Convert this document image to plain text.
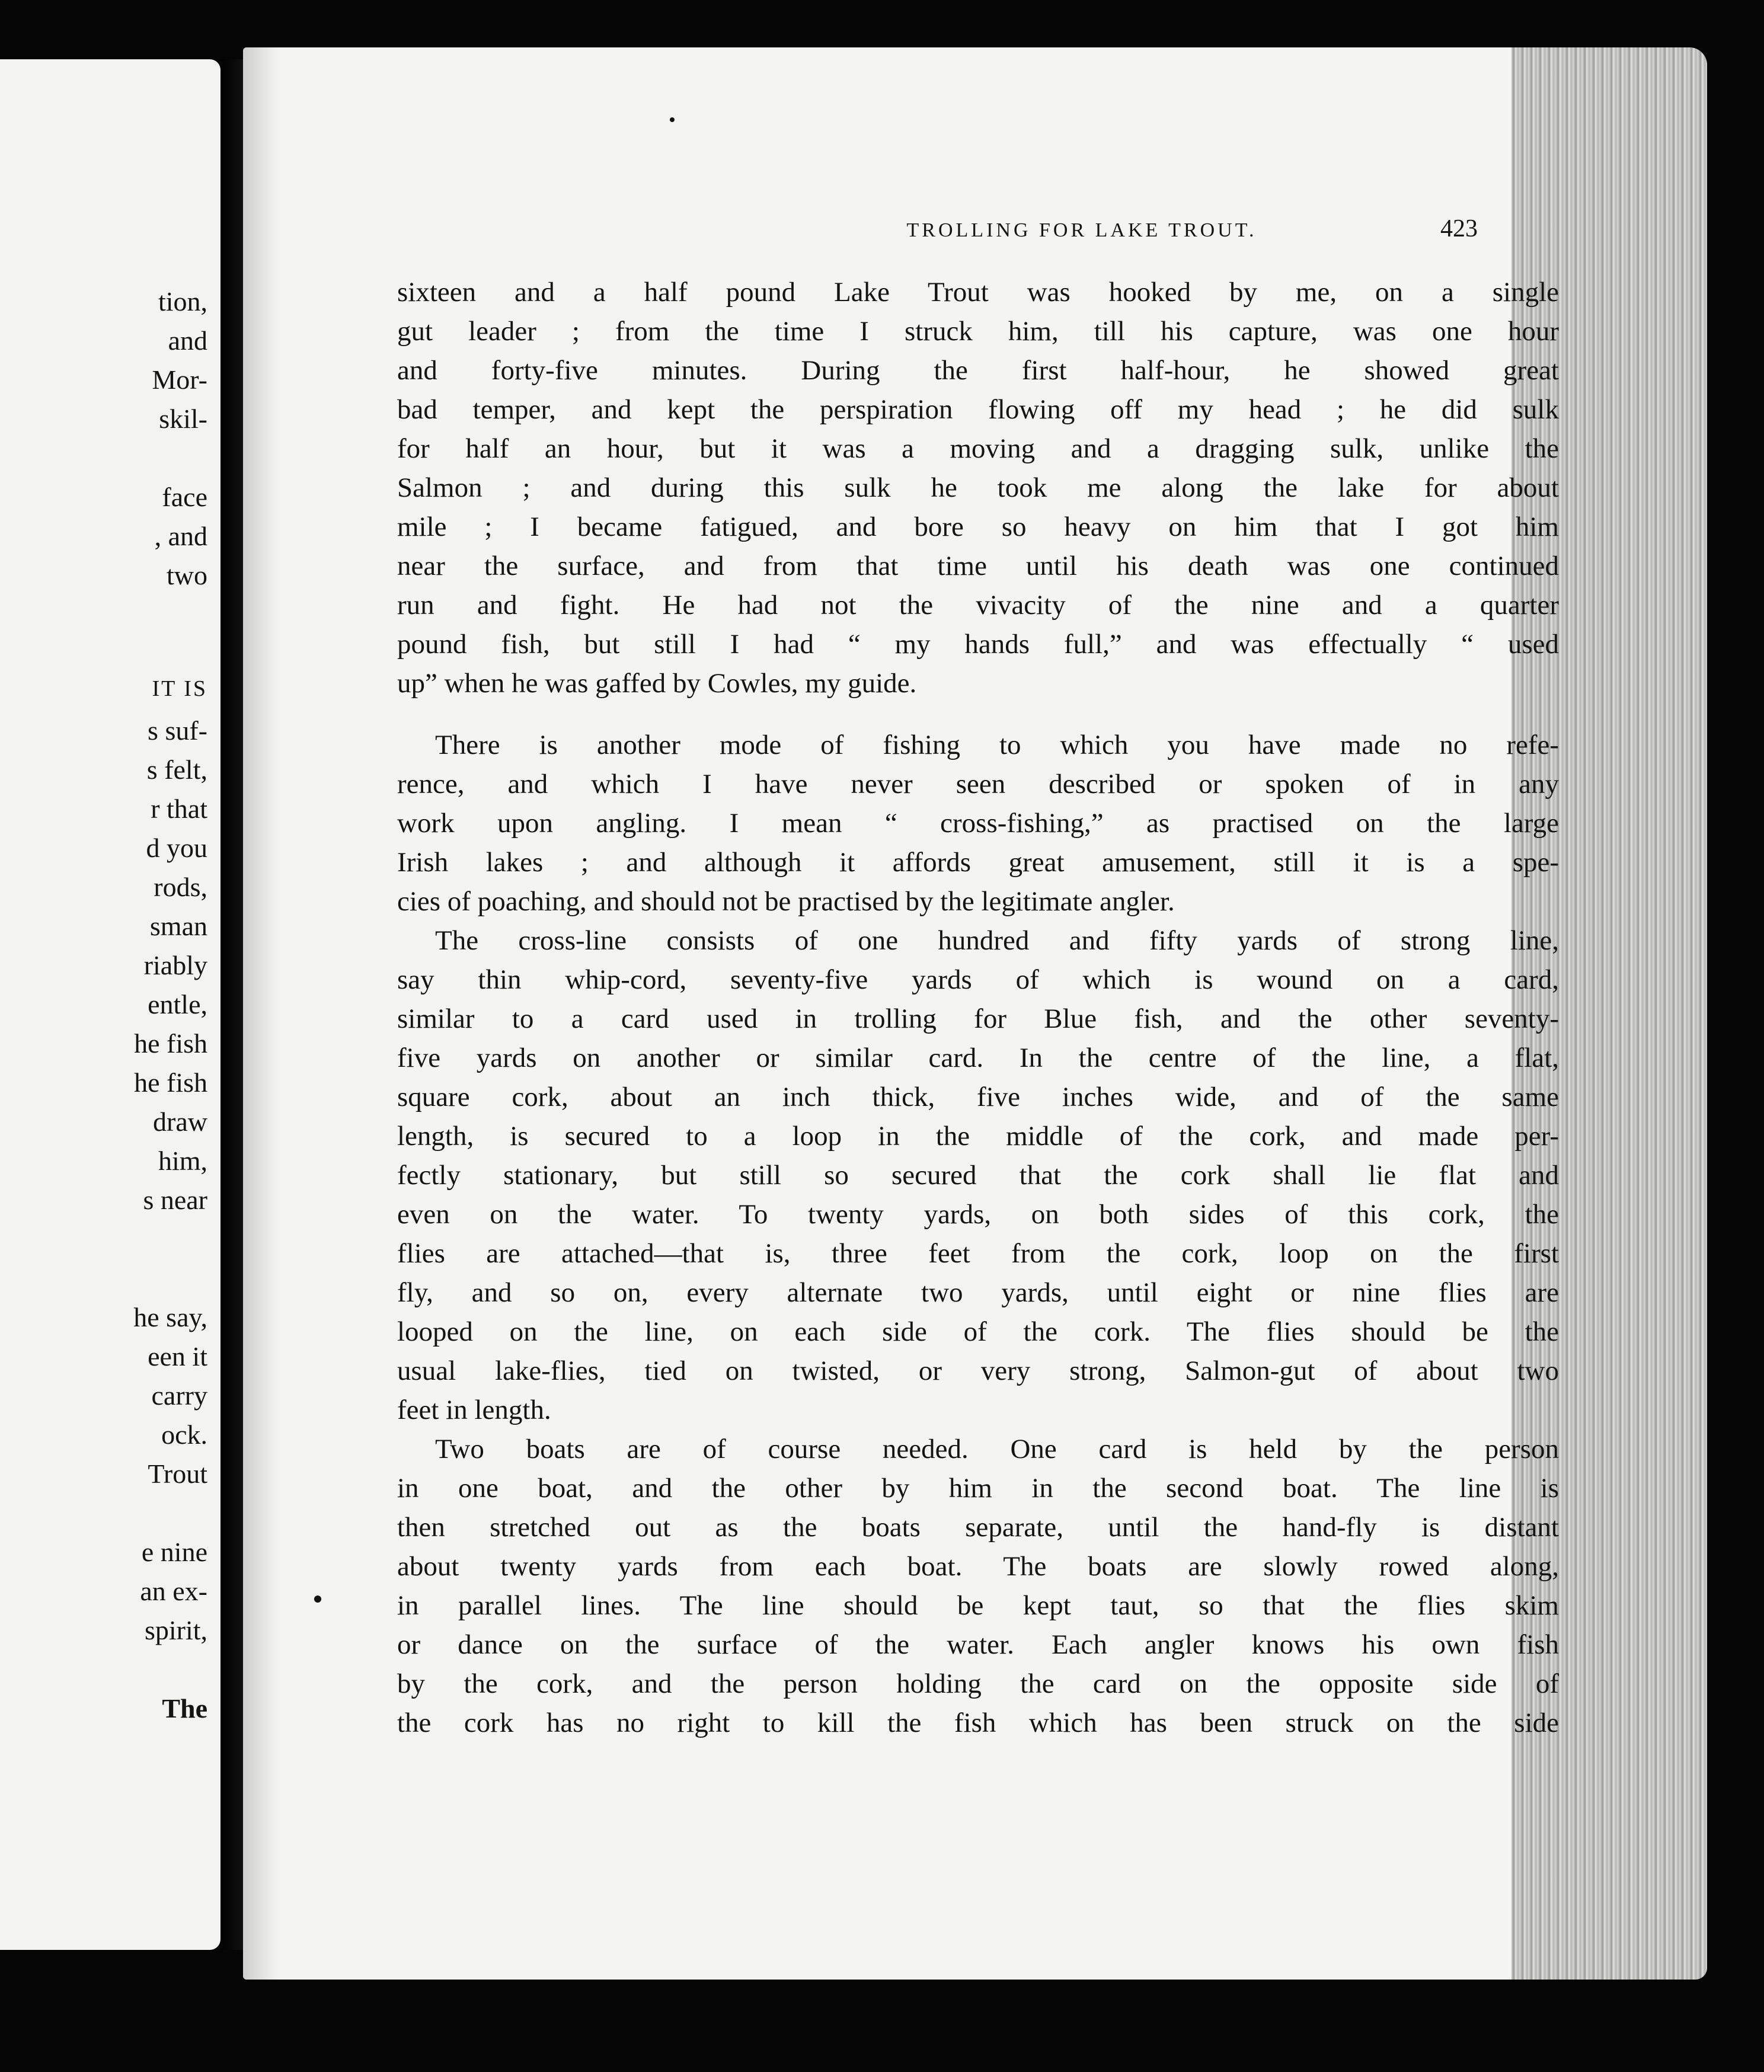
tion,
and
Mor-
skil-
face
, and
two
IT IS
s suf-
s felt,
r that
d you
rods,
sman
riably
entle,
he fish
he fish
draw
him,
s near
he say,
een it
carry
ock.
Trout
e nine
an ex-
spirit,
The
TROLLING FOR LAKE TROUT.	423
sixteen and a half pound Lake Trout was hooked by me, on a single
gut leader ; from the time I struck him, till his capture, was one hour
and forty-five minutes. During the first half-hour, he showed great
bad temper, and kept the perspiration flowing off my head ; he did sulk
for half an hour, but it was a moving and a dragging sulk, unlike the
Salmon ; and during this sulk he took me along the lake for about
mile ; I became fatigued, and bore so heavy on him that I got him
near the surface, and from that time until his death was one continued
run and fight. He had not the vivacity of the nine and a quarter
pound fish, but still I had “ my hands full,” and was effectually “ used
up” when he was gaffed by Cowles, my guide.
There is another mode of fishing to which you have made no refe-
rence, and which I have never seen described or spoken of in any
work upon angling. I mean “ cross-fishing,” as practised on the large
Irish lakes ; and although it affords great amusement, still it is a spe-
cies of poaching, and should not be practised by the legitimate angler.
The cross-line consists of one hundred and fifty yards of strong line,
say thin whip-cord, seventy-five yards of which is wound on a card,
similar to a card used in trolling for Blue fish, and the other seventy-
five yards on another or similar card. In the centre of the line, a flat,
square cork, about an inch thick, five inches wide, and of the same
length, is secured to a loop in the middle of the cork, and made per-
fectly stationary, but still so secured that the cork shall lie flat and
even on the water. To twenty yards, on both sides of this cork, the
flies are attached—that is, three feet from the cork, loop on the first
fly, and so on, every alternate two yards, until eight or nine flies are
looped on the line, on each side of the cork. The flies should be the
usual lake-flies, tied on twisted, or very strong, Salmon-gut of about two
feet in length.
Two boats are of course needed. One card is held by the person
in one boat, and the other by him in the second boat. The line is
then stretched out as the boats separate, until the hand-fly is distant
about twenty yards from each boat. The boats are slowly rowed along,
in parallel lines. The line should be kept taut, so that the flies skim
or dance on the surface of the water. Each angler knows his own fish
by the cork, and the person holding the card on the opposite side of
the cork has no right to kill the fish which has been struck on the side
